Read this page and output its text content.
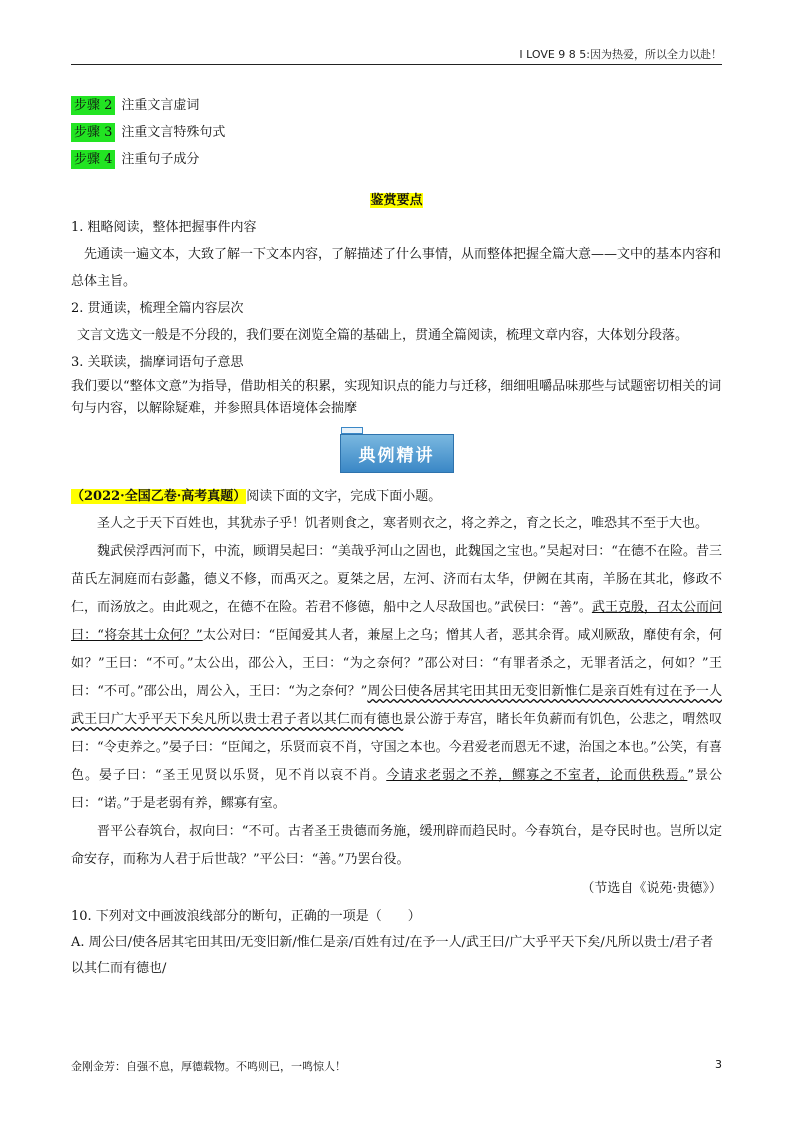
I LOVE 9 8 5:因为热爱，所以全力以赴！
步骤 2 注重文言虚词
步骤 3 注重文言特殊句式
步骤 4 注重句子成分
鉴赏要点
1. 粗略阅读，整体把握事件内容
先通读一遍文本，大致了解一下文本内容，了解描述了什么事情，从而整体把握全篇大意——文中的基本内容和总体主旨。
2. 贯通读，梳理全篇内容层次
文言文选文一般是不分段的，我们要在浏览全篇的基础上，贯通全篇阅读，梳理文章内容，大体划分段落。
3. 关联读，揣摩词语句子意思
我们要以“整体文意”为指导，借助相关的积累，实现知识点的能力与迁移，细细咀嚼品味那些与试题密切相关的词句与内容，以解除疑难，并参照具体语境体会揣摩
典例精讲
（2022·全国乙卷·高考真题）阅读下面的文字，完成下面小题。

圣人之于天下百姓也，其犹赤子乎！饥者则食之，寒者则衣之，将之养之，育之长之，唯恐其不至于大也。

魏武侯浮西河而下，中流，顾谓吴起曰：“美哉乎河山之固也，此魏国之宝也。”吴起对曰：“在德不在险。昔三苗氏左洞庭而右彭蠡，德义不修，而禹灭之。夏桀之居，左河、济而右太华，伊阙在其南，羊肠在其北，修政不仁，而汤放之。由此观之，在德不在险。若君不修德，船中之人尽敌国也。”武侯曰：“善”。武王克殷，召太公而问曰：“将奈其士众何？”太公对曰：“臣闻爱其人者，兼屋上之乌；憎其人者，恶其余胥。咸刈厥敌，靡使有余，何如？”王曰：“不可。”太公出，邵公入，王曰：“为之奈何？”邵公对曰：“有罪者杀之，无罪者活之，何如？”王曰：“不可。”邵公出，周公入，王曰：“为之奈何？”周公曰使各居其宅田其田无变旧新惟仁是亲百姓有过在予一人武王曰广大乎平天下矣凡所以贵士君子者以其仁而有德也景公游于寿宫，睹长年负薪而有饥色，公悲之，喟然叹曰：“令吏养之。”晏子曰：“臣闻之，乐贤而哀不肖，守国之本也。今君爱老而恩无不逮，治国之本也。”公笑，有喜色。晏子曰：“圣王见贤以乐贤，见不肖以哀不肖。今请求老弱之不养，鳏寡之不室者，论而供秩焉。”景公曰：“诺。”于是老弱有养，鳏寡有室。

晋平公春筑台，叔向曰：“不可。古者圣王贵德而务施，缓刑辟而趋民时。今春筑台，是夺民时也。岂所以定命安存，而称为人君于后世哉？”平公曰：“善。”乃罢台役。

（节选自《说苑·贵德》）
10. 下列对文中画波浪线部分的断句，正确的一项是（　　）
A. 周公曰/使各居其宅田其田/无变旧新/惟仁是亲/百姓有过/在予一人/武王曰/广大乎平天下矣/凡所以贵士/君子者以其仁而有德也/
金刚金芳：自强不息，厚德载物。不鸣则已，一鸣惊人！	3
